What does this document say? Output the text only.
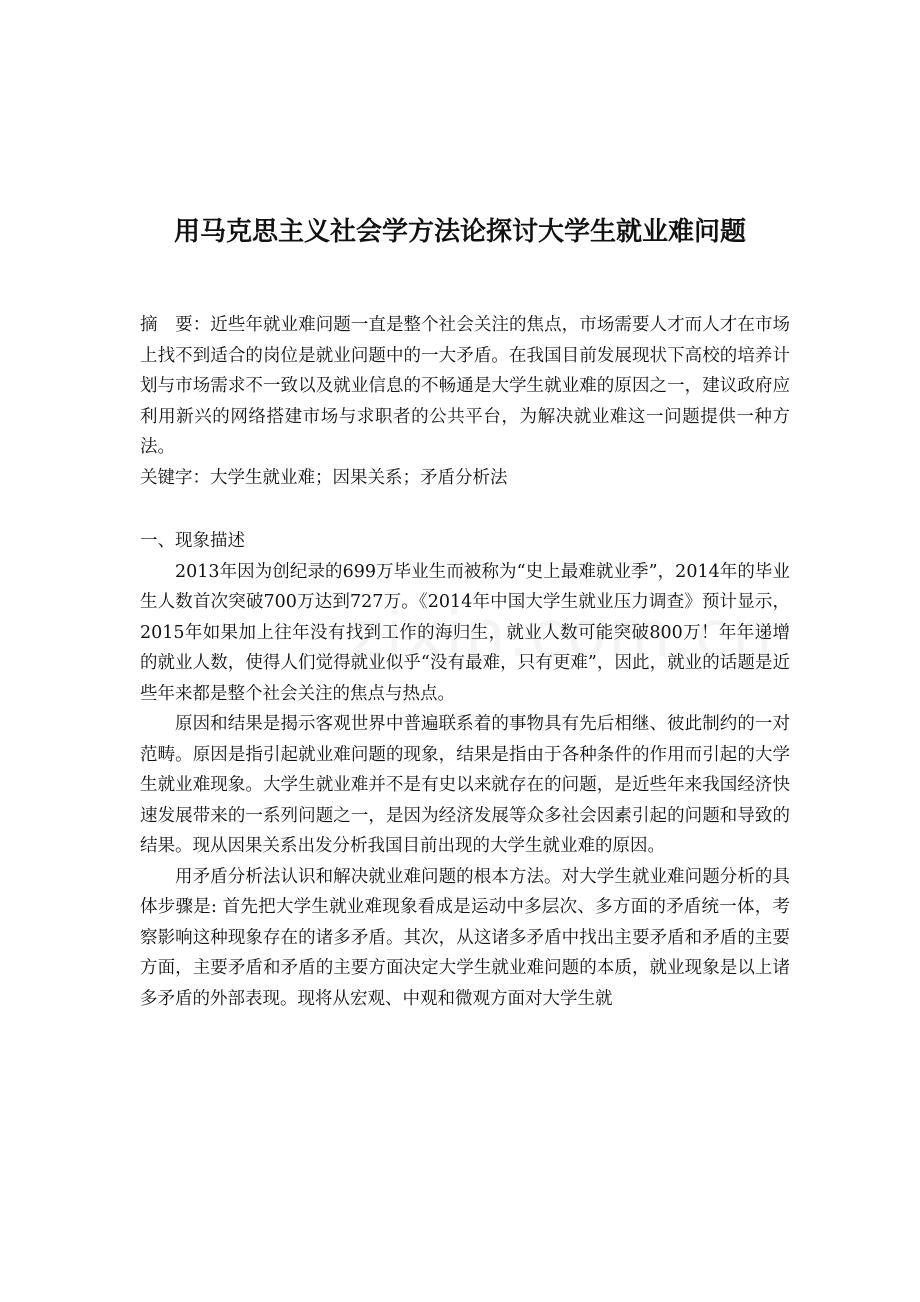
用马克思主义社会学方法论探讨大学生就业难问题

摘　要：近些年就业难问题一直是整个社会关注的焦点，市场需要人才而人才在市场上找不到适合的岗位是就业问题中的一大矛盾。在我国目前发展现状下高校的培养计划与市场需求不一致以及就业信息的不畅通是大学生就业难的原因之一，建议政府应利用新兴的网络搭建市场与求职者的公共平台，为解决就业难这一问题提供一种方法。

关键字：大学生就业难；因果关系；矛盾分析法

一、现象描述

2013年因为创纪录的699万毕业生而被称为“史上最难就业季”，2014年的毕业生人数首次突破700万达到727万。《2014年中国大学生就业压力调查》预计显示，2015年如果加上往年没有找到工作的海归生，就业人数可能突破800万！年年递增的就业人数，使得人们觉得就业似乎“没有最难，只有更难”，因此，就业的话题是近些年来都是整个社会关注的焦点与热点。

原因和结果是揭示客观世界中普遍联系着的事物具有先后相继、彼此制约的一对范畴。原因是指引起就业难问题的现象，结果是指由于各种条件的作用而引起的大学生就业难现象。大学生就业难并不是有史以来就存在的问题，是近些年来我国经济快速发展带来的一系列问题之一，是因为经济发展等众多社会因素引起的问题和导致的结果。现从因果关系出发分析我国目前出现的大学生就业难的原因。

用矛盾分析法认识和解决就业难问题的根本方法。对大学生就业难问题分析的具体步骤是: 首先把大学生就业难现象看成是运动中多层次、多方面的矛盾统一体，考察影响这种现象存在的诸多矛盾。其次，从这诸多矛盾中找出主要矛盾和矛盾的主要方面，主要矛盾和矛盾的主要方面决定大学生就业难问题的本质，就业现象是以上诸多矛盾的外部表现。现将从宏观、中观和微观方面对大学生就
